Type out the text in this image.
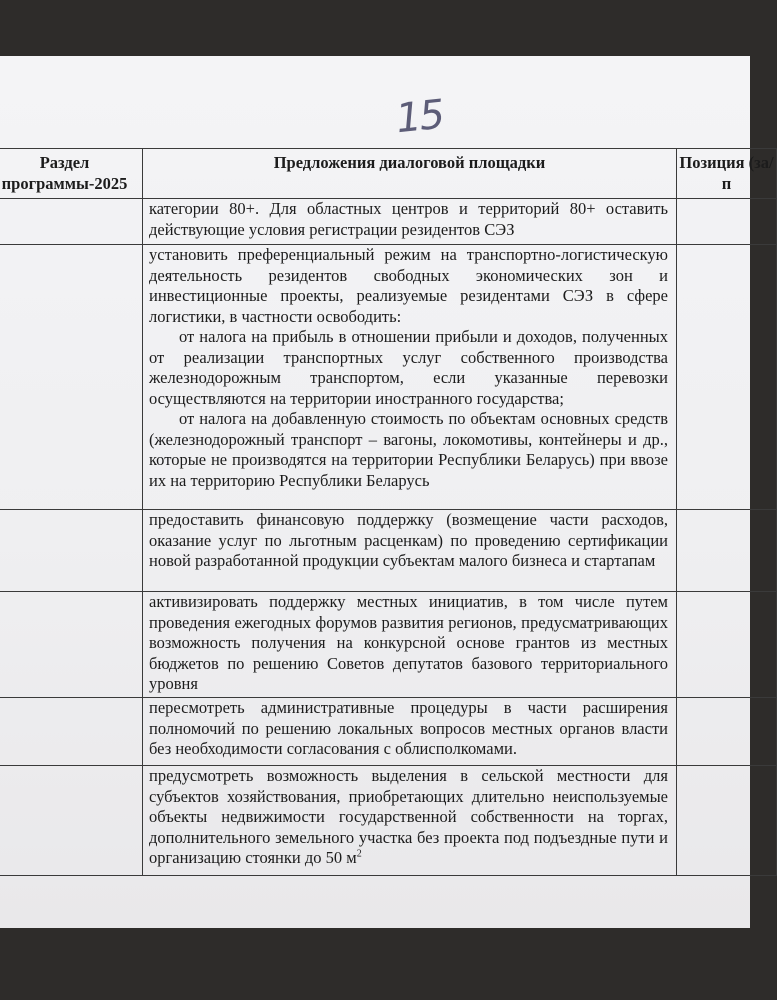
15
Раздел программы-2025	Предложения диалоговой площадки	Позиция (за/п

	категории 80+. Для областных центров и территорий 80+ оставить действующие условия регистрации резидентов СЭЗ	

	установить преференциальный режим на транспортно-логистическую деятельность резидентов свободных экономических зон и инвестиционные проекты, реализуемые резидентами СЭЗ в сфере логистики, в частности освободить:

от налога на прибыль в отношении прибыли и доходов, полученных от реализации транспортных услуг собственного производства железнодорожным транспортом, если указанные перевозки осуществляются на территории иностранного государства;

от налога на добавленную стоимость по объектам основных средств (железнодорожный транспорт – вагоны, локомотивы, контейнеры и др., которые не производятся на территории Республики Беларусь) при ввозе их на территорию Республики Беларусь	

	предоставить финансовую поддержку (возмещение части расходов, оказание услуг по льготным расценкам) по проведению сертификации новой разработанной продукции субъектам малого бизнеса и стартапам	

	активизировать поддержку местных инициатив, в том числе путем проведения ежегодных форумов развития регионов, предусматривающих возможность получения на конкурсной основе грантов из местных бюджетов по решению Советов депутатов базового территориального уровня	

	пересмотреть административные процедуры в части расширения полномочий по решению локальных вопросов местных органов власти без необходимости согласования с облисполкомами.	

	предусмотреть возможность выделения в сельской местности для субъектов хозяйствования, приобретающих длительно неиспользуемые объекты недвижимости государственной собственности на торгах, дополнительного земельного участка без проекта под подъездные пути и организацию стоянки до 50 $м^2$
